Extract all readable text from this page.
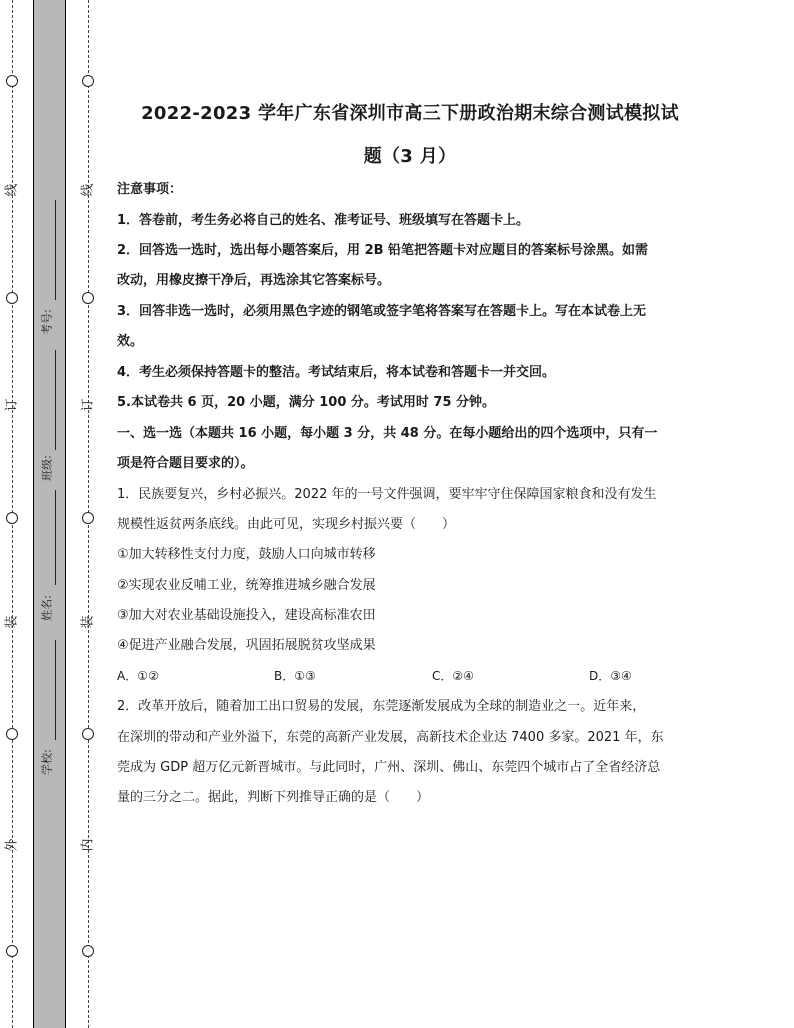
线
订
装
外
线
订
装
内
考号:
班级:
姓名:
学校:
2022-2023 学年广东省深圳市高三下册政治期末综合测试模拟试
题（3 月）
注意事项：
1．答卷前，考生务必将自己的姓名、准考证号、班级填写在答题卡上。
2．回答选一选时，选出每小题答案后，用 2B 铅笔把答题卡对应题目的答案标号涂黑。如需
改动，用橡皮擦干净后，再选涂其它答案标号。
3．回答非选一选时，必须用黑色字迹的钢笔或签字笔将答案写在答题卡上。写在本试卷上无
效。
4．考生必须保持答题卡的整洁。考试结束后，将本试卷和答题卡一并交回。
5.本试卷共 6 页，20 小题，满分 100 分。考试用时 75 分钟。
一、选一选（本题共 16 小题，每小题 3 分，共 48 分。在每小题给出的四个选项中，只有一
项是符合题目要求的）。
1．民族要复兴，乡村必振兴。2022 年的一号文件强调，要牢牢守住保障国家粮食和没有发生
规模性返贫两条底线。由此可见，实现乡村振兴要（　　）
①加大转移性支付力度，鼓励人口向城市转移
②实现农业反哺工业，统筹推进城乡融合发展
③加大对农业基础设施投入，建设高标准农田
④促进产业融合发展，巩固拓展脱贫攻坚成果
A．①②	B．①③	C．②④	D．③④
2．改革开放后，随着加工出口贸易的发展，东莞逐渐发展成为全球的制造业之一。近年来，
在深圳的带动和产业外溢下，东莞的高新产业发展，高新技术企业达 7400 多家。2021 年，东
莞成为 GDP 超万亿元新晋城市。与此同时，广州、深圳、佛山、东莞四个城市占了全省经济总
量的三分之二。据此，判断下列推导正确的是（　　）
